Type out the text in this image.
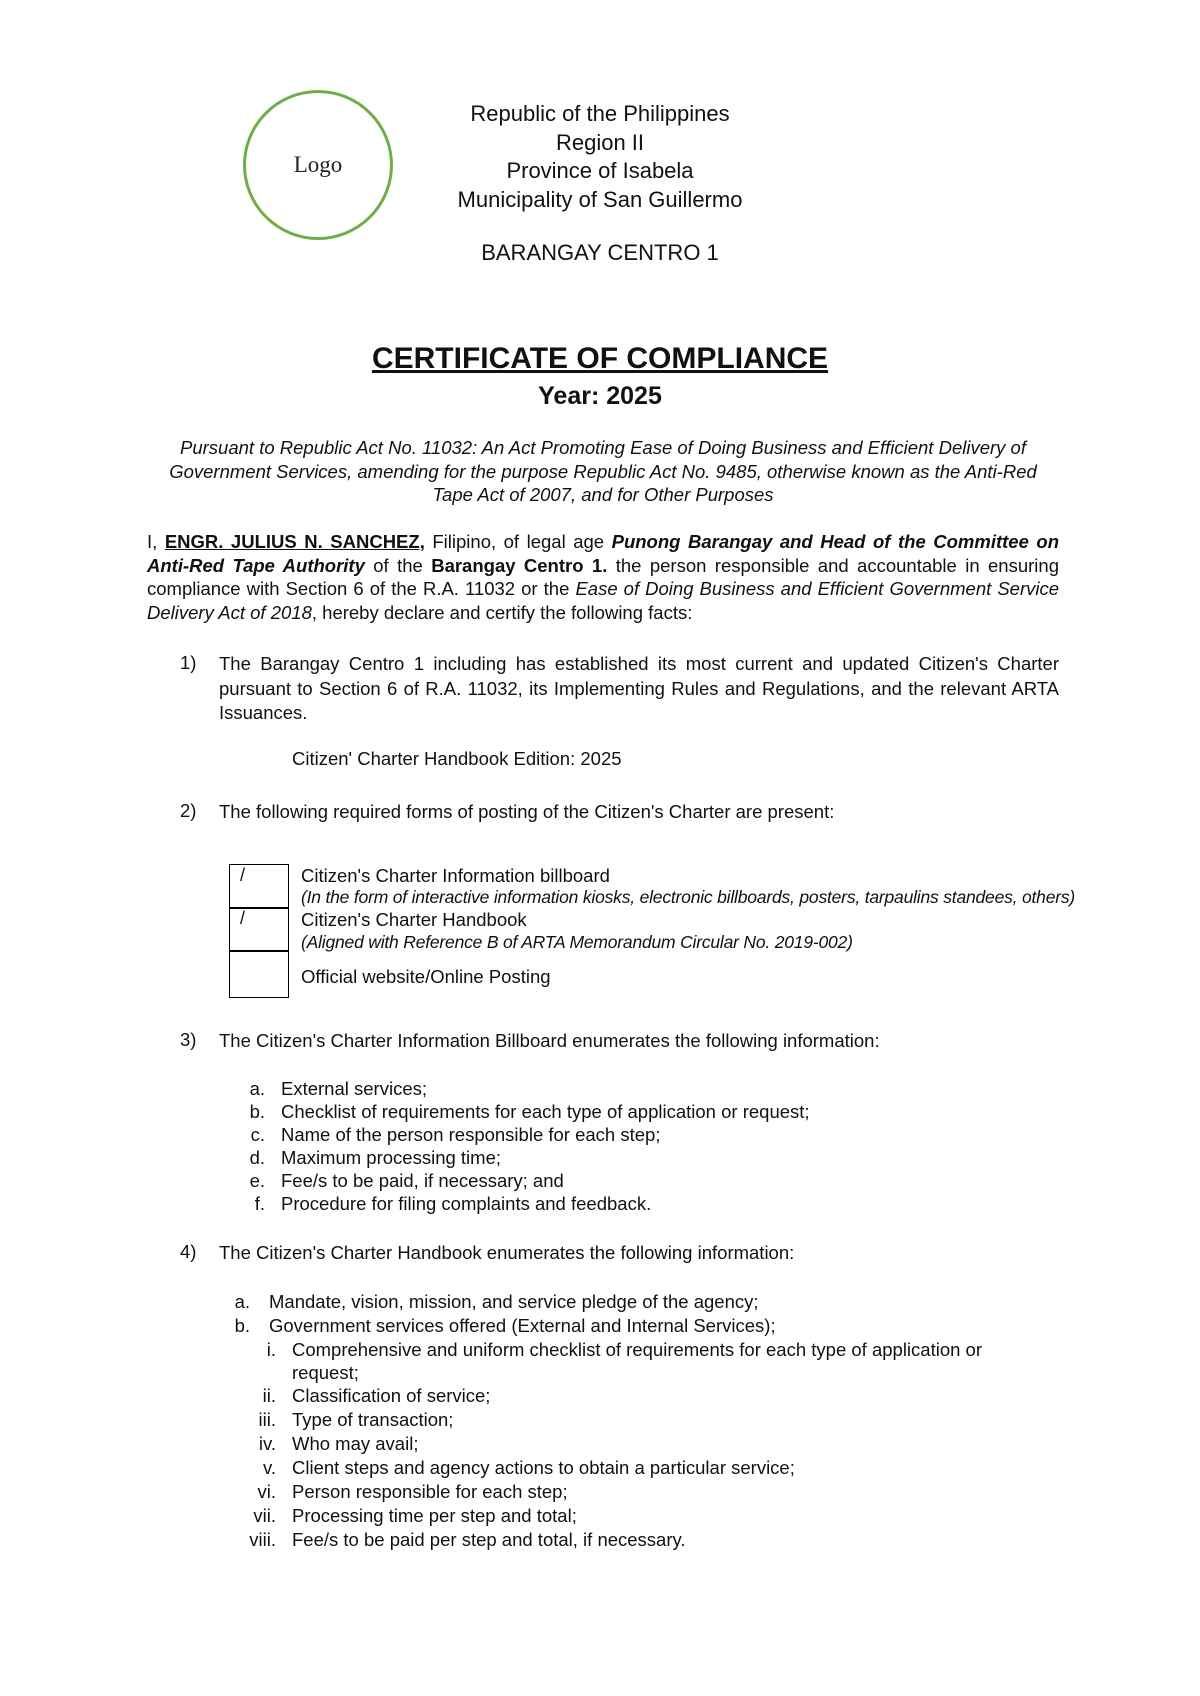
Logo
Republic of the Philippines
Region II
Province of Isabela
Municipality of San Guillermo
BARANGAY CENTRO 1
CERTIFICATE OF COMPLIANCE
Year: 2025
Pursuant to Republic Act No. 11032: An Act Promoting Ease of Doing Business and Efficient Delivery of Government Services, amending for the purpose Republic Act No. 9485, otherwise known as the Anti-Red Tape Act of 2007, and for Other Purposes
I, ENGR. JULIUS N. SANCHEZ, Filipino, of legal age Punong Barangay and Head of the Committee on Anti-Red Tape Authority of the Barangay Centro 1. the person responsible and accountable in ensuring compliance with Section 6 of the R.A. 11032 or the Ease of Doing Business and Efficient Government Service Delivery Act of 2018, hereby declare and certify the following facts:
1) The Barangay Centro 1 including has established its most current and updated Citizen's Charter pursuant to Section 6 of R.A. 11032, its Implementing Rules and Regulations, and the relevant ARTA Issuances.
Citizen' Charter Handbook Edition: 2025
2) The following required forms of posting of the Citizen's Charter are present:
/
/
Citizen's Charter Information billboard
(In the form of interactive information kiosks, electronic billboards, posters, tarpaulins standees, others)
Citizen's Charter Handbook
(Aligned with Reference B of ARTA Memorandum Circular No. 2019-002)
Official website/Online Posting
3) The Citizen's Charter Information Billboard enumerates the following information:
a. External services;
b. Checklist of requirements for each type of application or request;
c. Name of the person responsible for each step;
d. Maximum processing time;
e. Fee/s to be paid, if necessary; and
f. Procedure for filing complaints and feedback.
4) The Citizen's Charter Handbook enumerates the following information:
a. Mandate, vision, mission, and service pledge of the agency;
b. Government services offered (External and Internal Services);
i. Comprehensive and uniform checklist of requirements for each type of application or
request;
ii. Classification of service;
iii. Type of transaction;
iv. Who may avail;
v. Client steps and agency actions to obtain a particular service;
vi. Person responsible for each step;
vii. Processing time per step and total;
viii. Fee/s to be paid per step and total, if necessary.
